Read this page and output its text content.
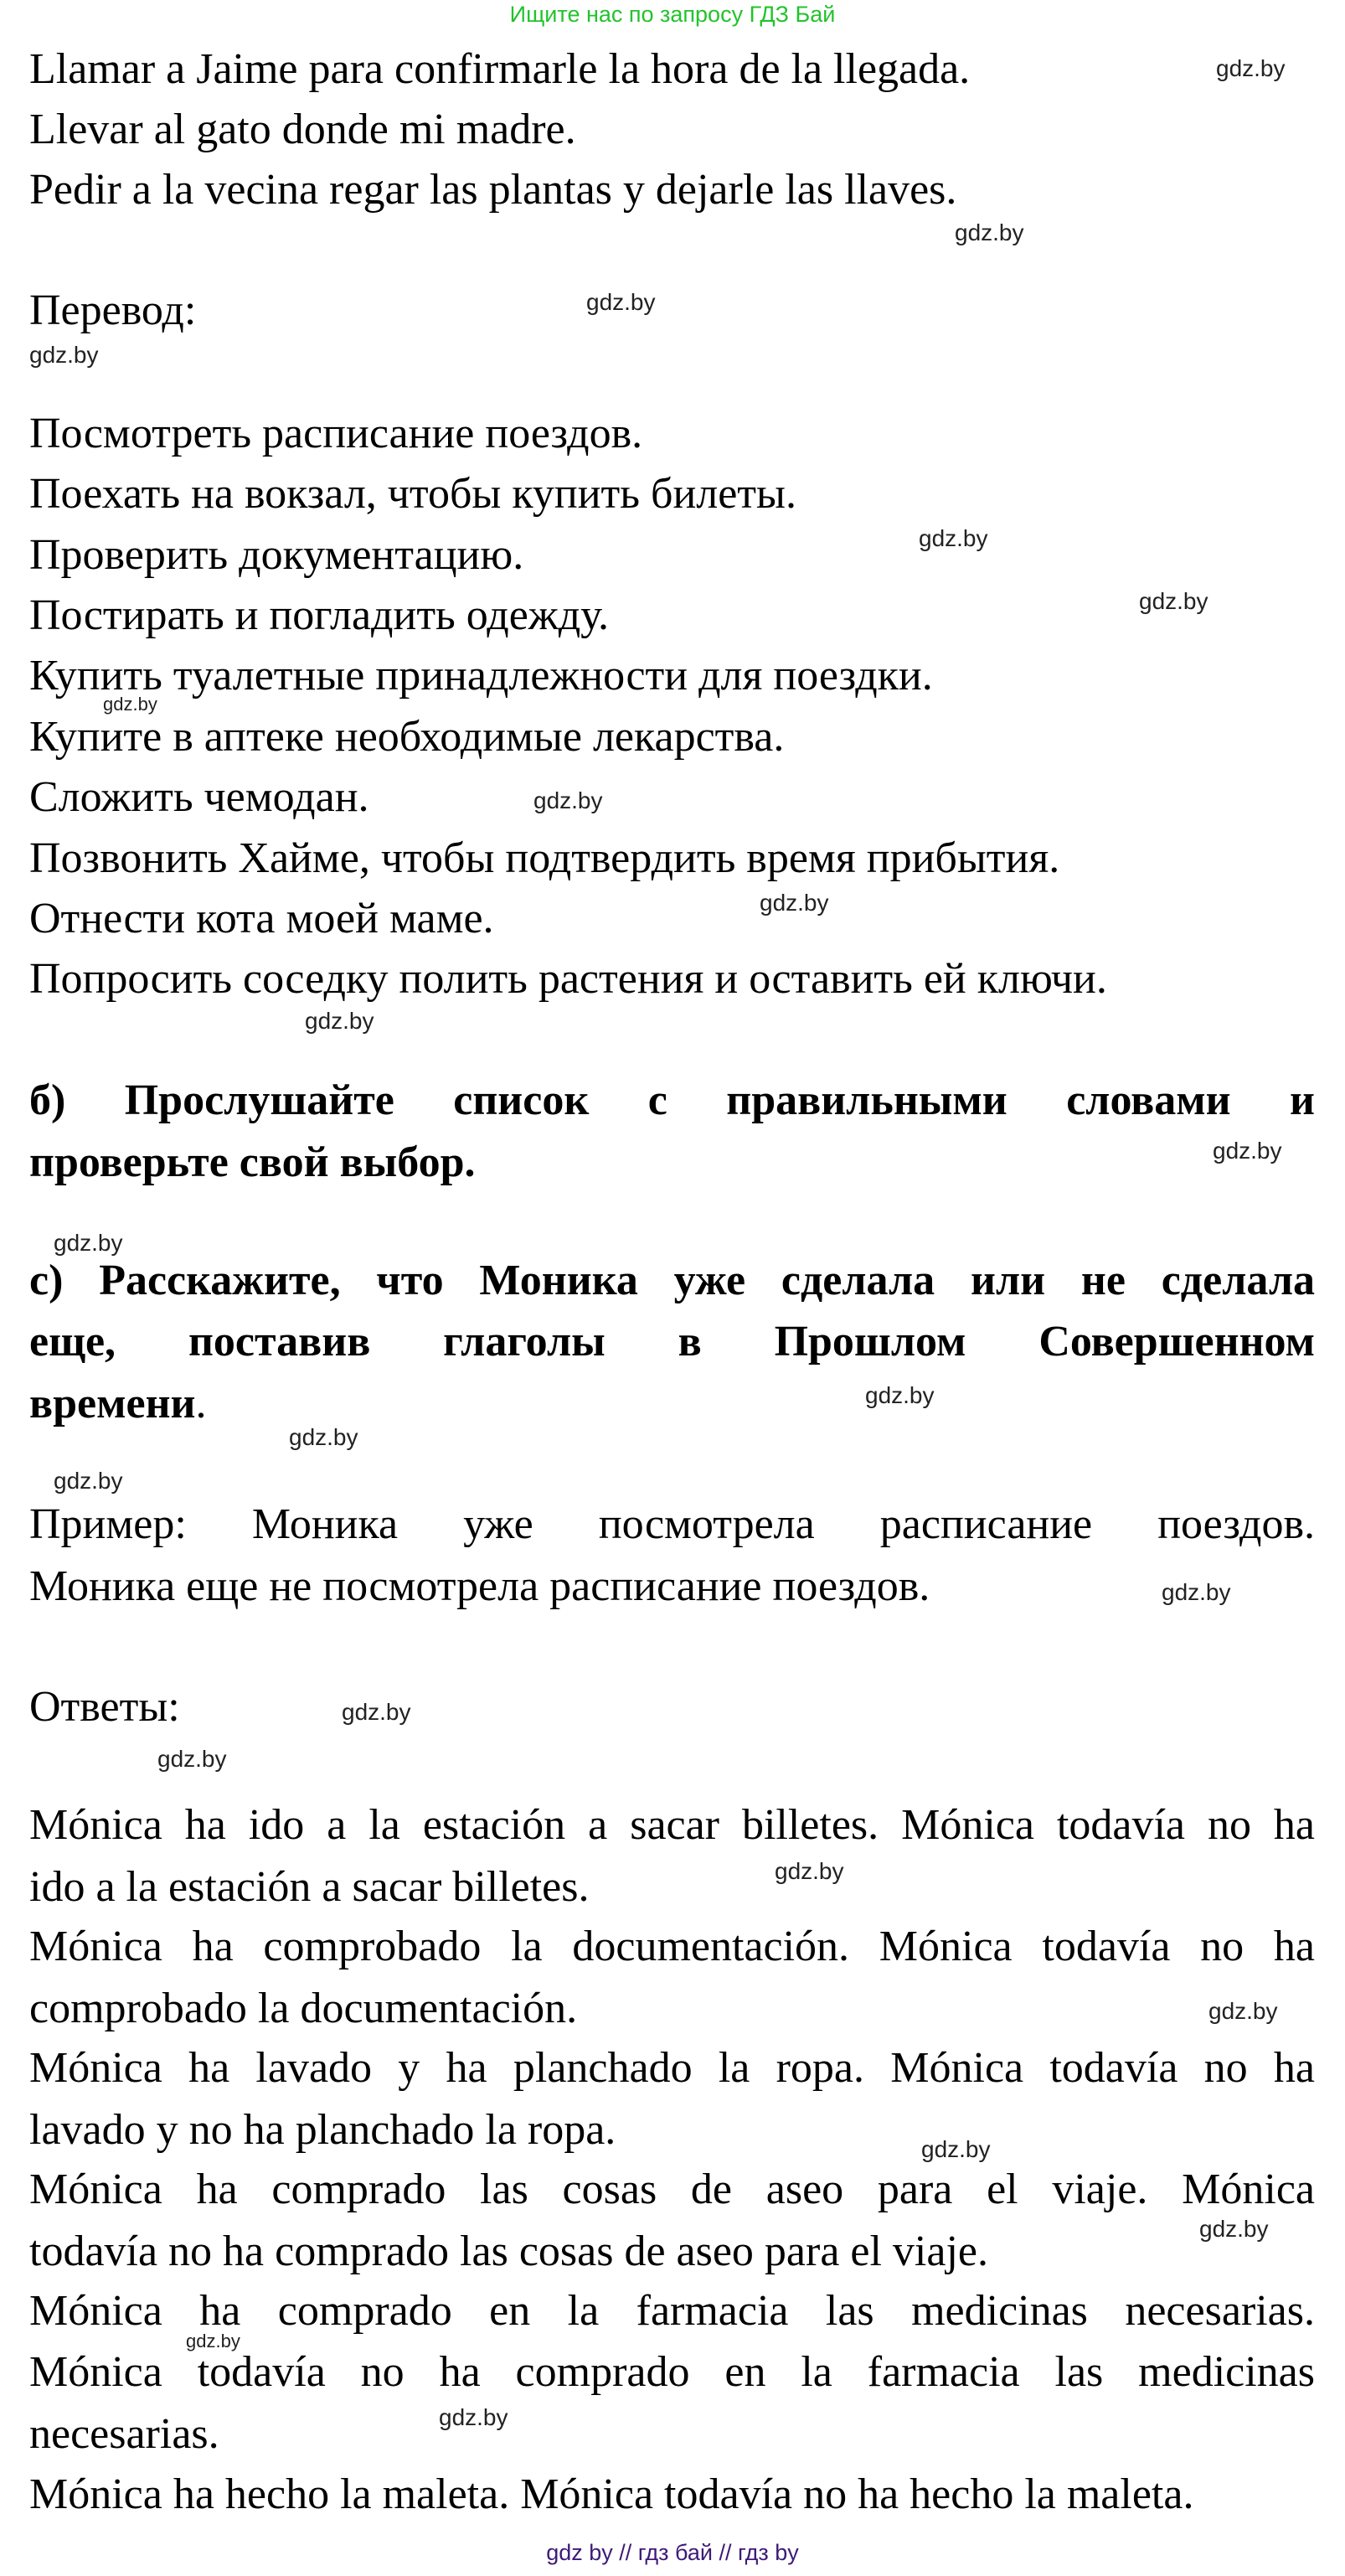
Ищите нас по запросу ГДЗ Бай
Llamar a Jaime para confirmarle la hora de la llegada.
Llevar al gato donde mi madre.
Pedir a la vecina regar las plantas y dejarle las llaves.
Перевод:
Посмотреть расписание поездов.
Поехать на вокзал, чтобы купить билеты.
Проверить документацию.
Постирать и погладить одежду.
Купить туалетные принадлежности для поездки.
Купите в аптеке необходимые лекарства.
Сложить чемодан.
Позвонить Хайме, чтобы подтвердить время прибытия.
Отнести кота моей маме.
Попросить соседку полить растения и оставить ей ключи.
б) Прослушайте список с правильными словами и
проверьте свой выбор.
с) Расскажите, что Моника уже сделала или не сделала
еще, поставив глаголы в Прошлом Совершенном
времени.
Пример: Моника уже посмотрела расписание поездов.
Моника еще не посмотрела расписание поездов.
Ответы:
Mónica ha ido a la estación a sacar billetes. Mónica todavía no ha
ido a la estación a sacar billetes.
Mónica ha comprobado la documentación. Mónica todavía no ha
comprobado la documentación.
Mónica ha lavado y ha planchado la ropa. Mónica todavía no ha
lavado y no ha planchado la ropa.
Mónica ha comprado las cosas de aseo para el viaje. Mónica
todavía no ha comprado las cosas de aseo para el viaje.
Mónica ha comprado en la farmacia las medicinas necesarias.
Mónica todavía no ha comprado en la farmacia las medicinas
necesarias.
Mónica ha hecho la maleta. Mónica todavía no ha hecho la maleta.
gdz.by
gdz.by
gdz.by
gdz.by
gdz.by
gdz.by
gdz.by
gdz.by
gdz.by
gdz.by
gdz.by
gdz.by
gdz.by
gdz.by
gdz.by
gdz.by
gdz.by
gdz.by
gdz.by
gdz.by
gdz.by
gdz.by
gdz.by
gdz.by
gdz by // гдз бай // гдз by
